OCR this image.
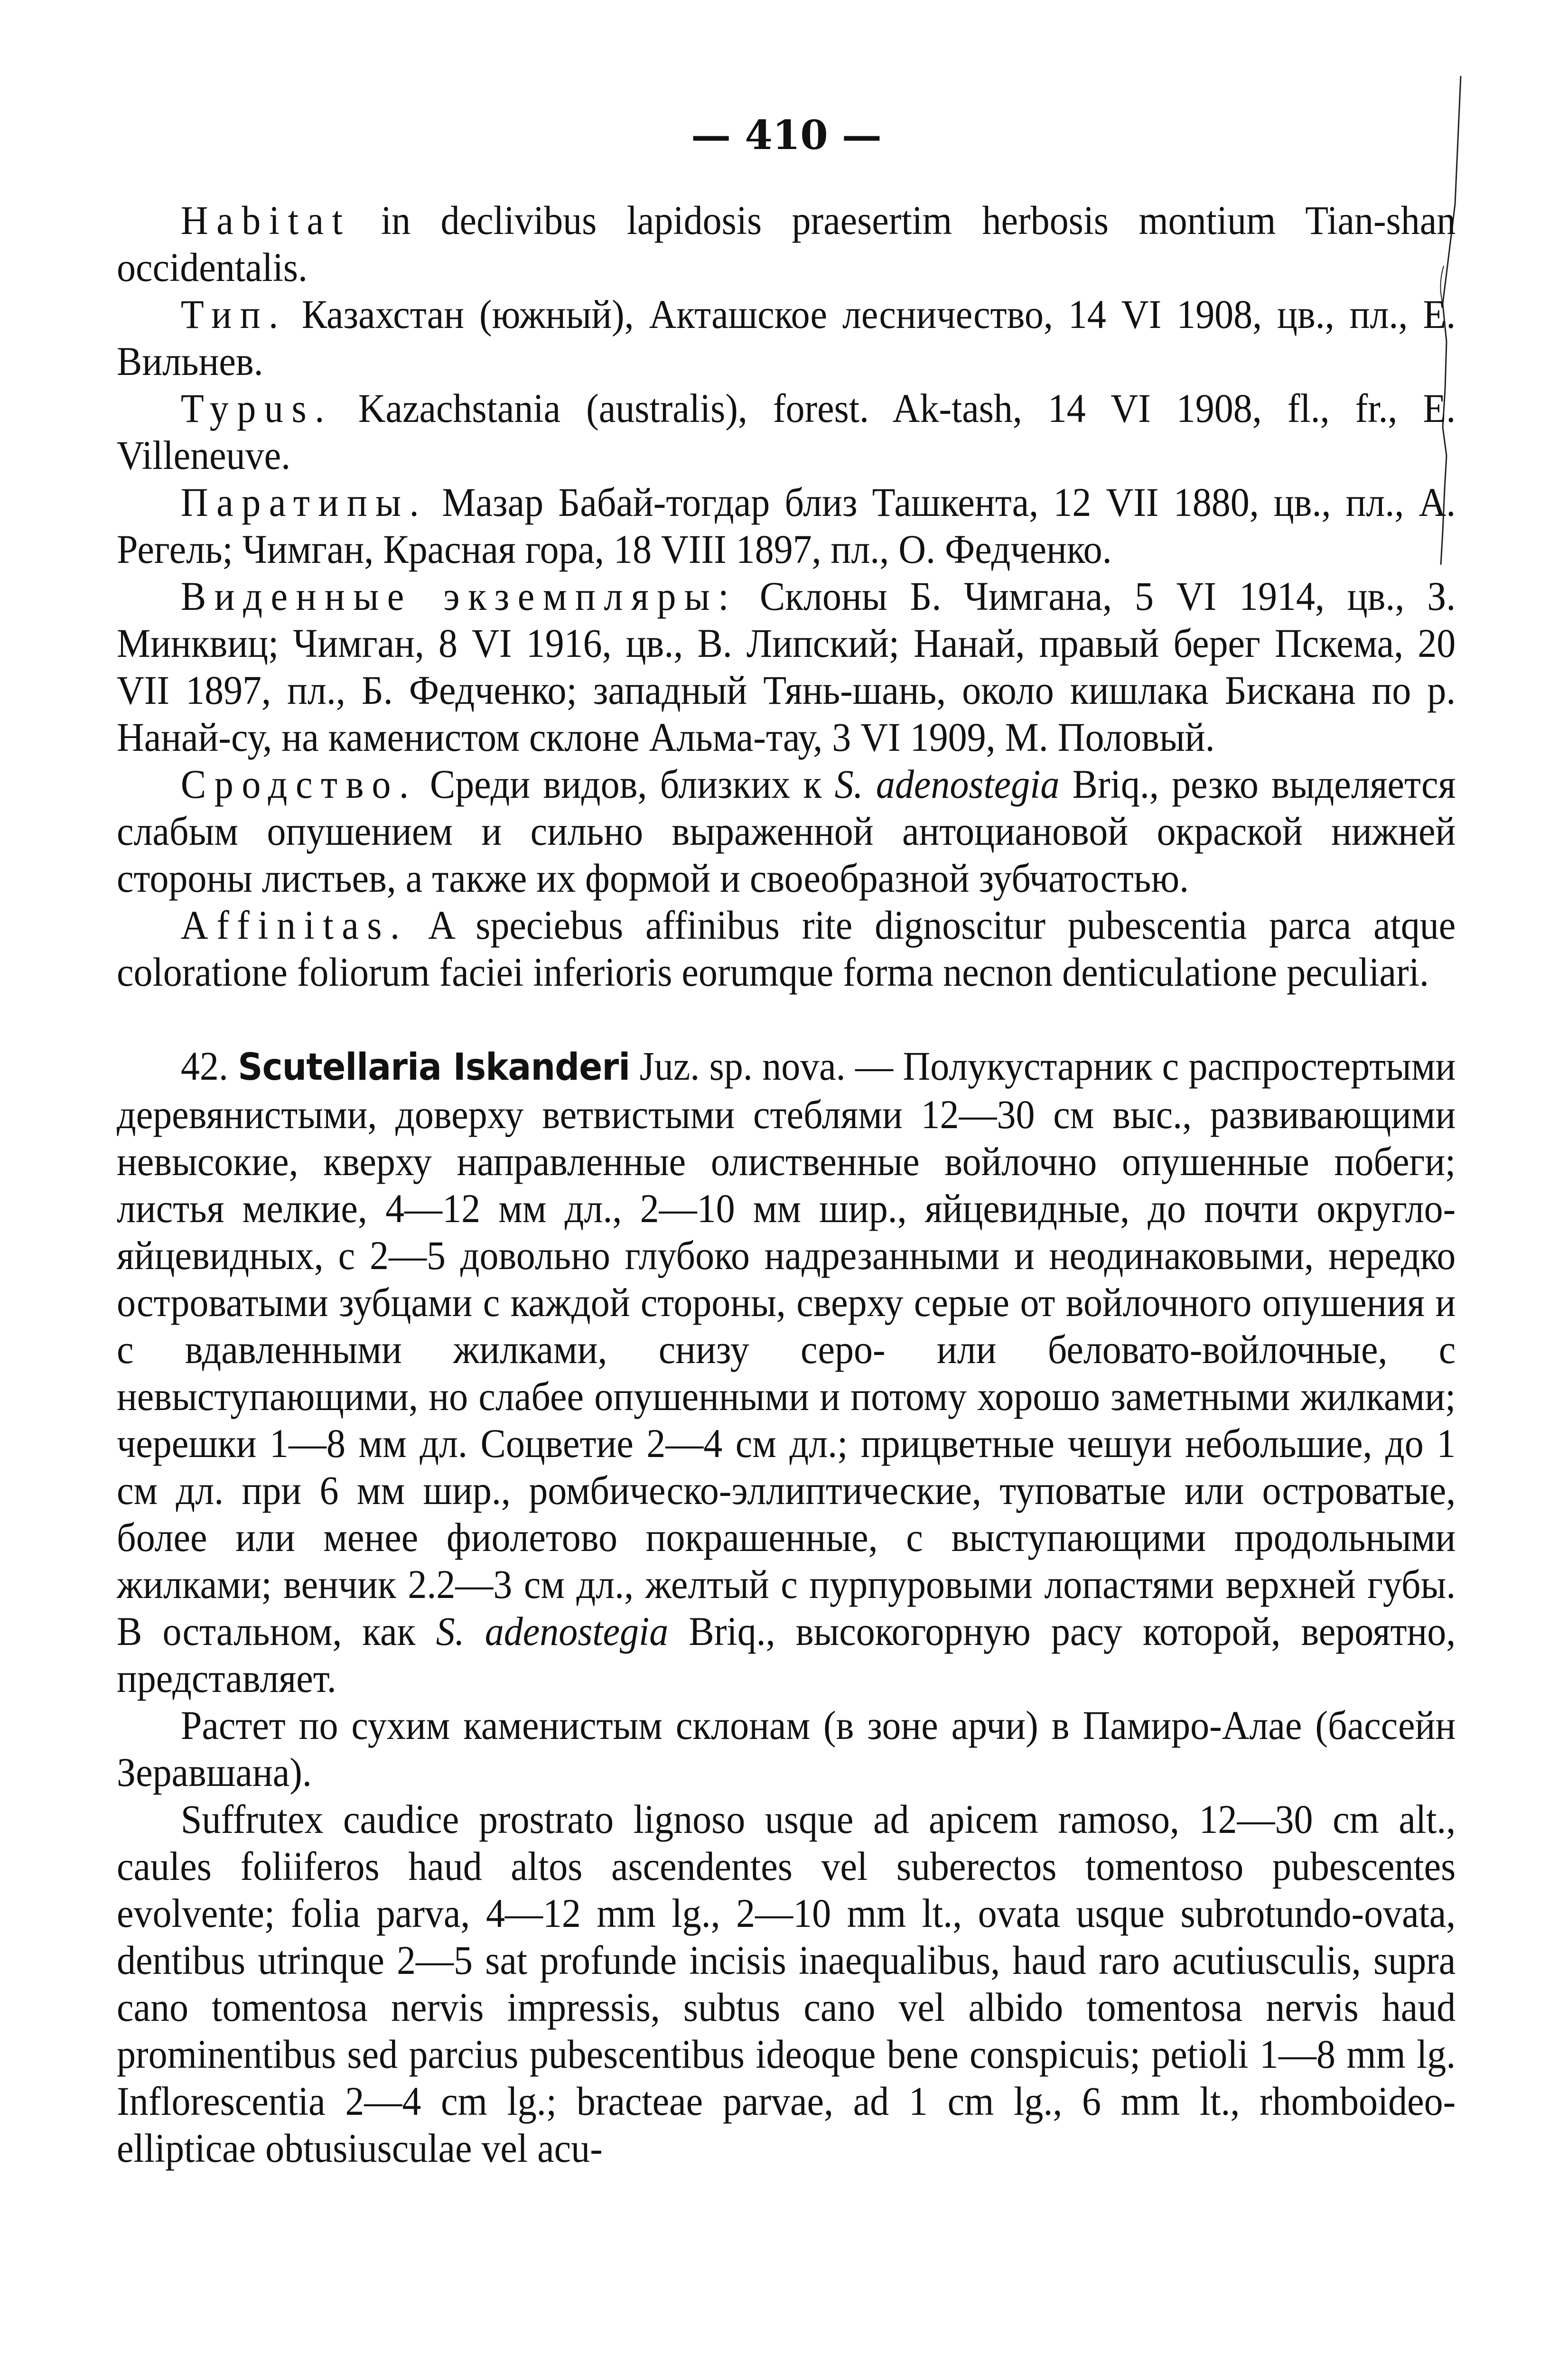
— 410 —

Habitat in declivibus lapidosis praesertim herbosis montium Tian-shan occidentalis.

Тип. Казахстан (южный), Акташское лесничество, 14 VI 1908, цв., пл., Е. Вильнев.

Typus. Kazachstania (australis), forest. Ak-tash, 14 VI 1908, fl., fr., E. Villeneuve.

Паратипы. Мазар Бабай-тогдар близ Ташкента, 12 VII 1880, цв., пл., А. Регель; Чимган, Красная гора, 18 VIII 1897, пл., О. Федченко.

Виденные экземпляры: Склоны Б. Чимгана, 5 VI 1914, цв., З. Минквиц; Чимган, 8 VI 1916, цв., В. Липский; Нанай, правый берег Пскема, 20 VII 1897, пл., Б. Федченко; западный Тянь-шань, около кишлака Бискана по р. Нанай-су, на каменистом склоне Альма-тау, 3 VI 1909, М. Половый.

Сродство. Среди видов, близких к S. adenostegia Briq., резко выделяется слабым опушением и сильно выраженной антоциановой окраской нижней стороны листьев, а также их формой и своеобразной зубчатостью.

Affinitas. A speciebus affinibus rite dignoscitur pubescentia parca atque coloratione foliorum faciei inferioris eorumque forma necnon denticulatione peculiari.

42. Scutellaria Iskanderi Juz. sp. nova. — Полукустарник с распростертыми деревянистыми, доверху ветвистыми стеблями 12—30 см выс., развивающими невысокие, кверху направленные олиственные войлочно опушенные побеги; листья мелкие, 4—12 мм дл., 2—10 мм шир., яйцевидные, до почти округло-яйцевидных, с 2—5 довольно глубоко надрезанными и неодинаковыми, нередко островатыми зубцами с каждой стороны, сверху серые от войлочного опушения и с вдавленными жилками, снизу серо- или беловато-войлочные, с невыступающими, но слабее опушенными и потому хорошо заметными жилками; черешки 1—8 мм дл. Соцветие 2—4 см дл.; прицветные чешуи небольшие, до 1 см дл. при 6 мм шир., ромбическо-эллиптические, туповатые или островатые, более или менее фиолетово покрашенные, с выступающими продольными жилками; венчик 2.2—3 см дл., желтый с пурпуровыми лопастями верхней губы. В остальном, как S. adenostegia Briq., высокогорную расу которой, вероятно, представляет.

Растет по сухим каменистым склонам (в зоне арчи) в Памиро-Алае (бассейн Зеравшана).

Suffrutex caudice prostrato lignoso usque ad apicem ramoso, 12—30 cm alt., caules foliiferos haud altos ascendentes vel suberectos tomentoso pubescentes evolvente; folia parva, 4—12 mm lg., 2—10 mm lt., ovata usque subrotundo-ovata, dentibus utrinque 2—5 sat profunde incisis inaequalibus, haud raro acutiusculis, supra cano tomentosa nervis impressis, subtus cano vel albido tomentosa nervis haud prominentibus sed parcius pubescentibus ideoque bene conspicuis; petioli 1—8 mm lg. Inflorescentia 2—4 cm lg.; bracteae parvae, ad 1 cm lg., 6 mm lt., rhomboideo-ellipticae obtusiusculae vel acu-
